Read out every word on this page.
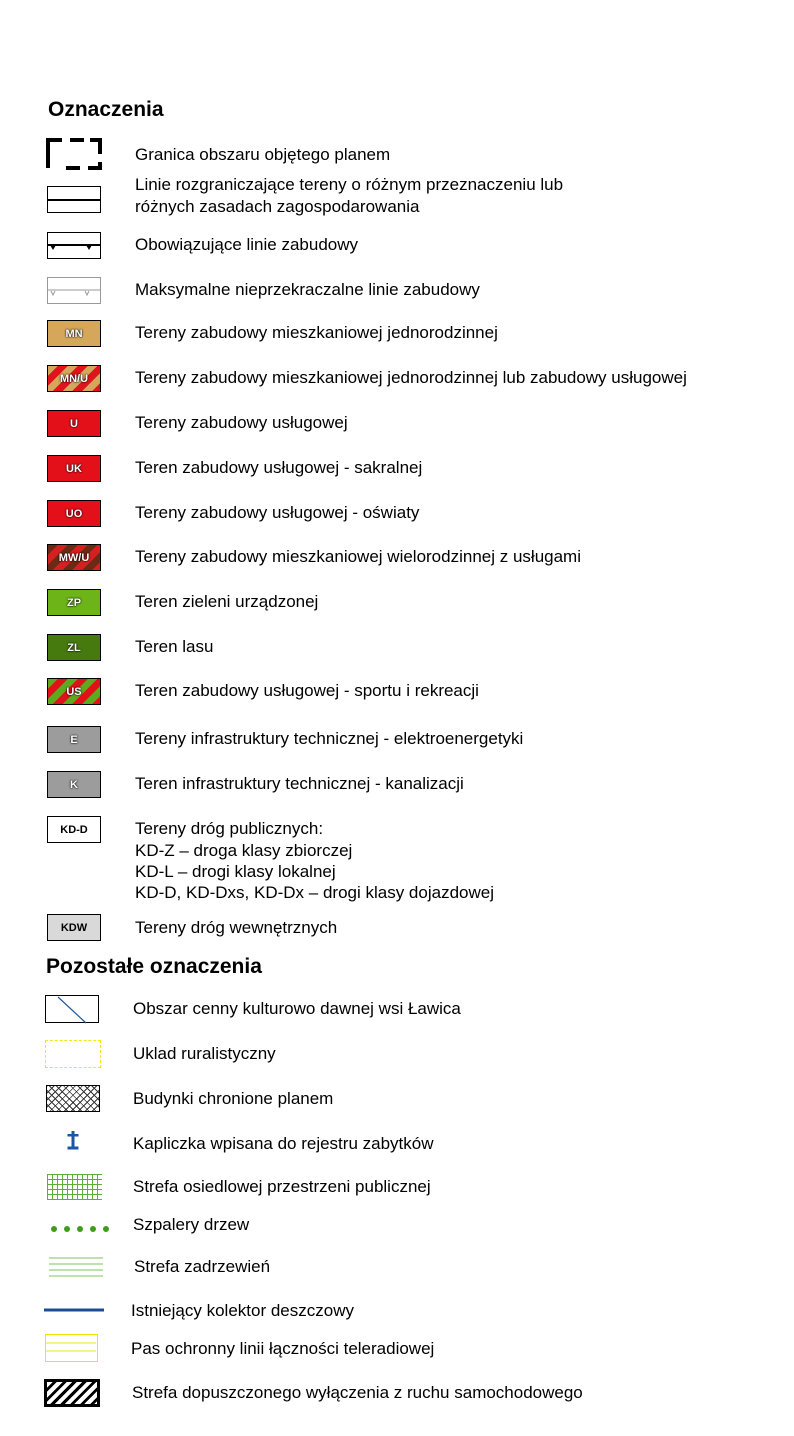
Oznaczenia
Granica obszaru objętego planem
Linie rozgraniczające tereny o różnym przeznaczeniu lub
różnych zasadach zagospodarowania
Obowiązujące linie zabudowy
Maksymalne nieprzekraczalne linie zabudowy
MN	Tereny zabudowy mieszkaniowej jednorodzinnej
MN/U	Tereny zabudowy mieszkaniowej jednorodzinnej lub zabudowy usługowej
U	Tereny zabudowy usługowej
UK	Teren zabudowy usługowej - sakralnej
UO	Tereny zabudowy usługowej - oświaty
MW/U	Tereny zabudowy mieszkaniowej wielorodzinnej z usługami
ZP	Teren zieleni urządzonej
ZL	Teren lasu
US	Teren zabudowy usługowej - sportu i rekreacji
E	Tereny infrastruktury technicznej - elektroenergetyki
K	Teren infrastruktury technicznej - kanalizacji
KD-D	Tereny dróg publicznych:
KD-Z – droga klasy zbiorczej
KD-L – drogi klasy lokalnej
KD-D, KD-Dxs, KD-Dx – drogi klasy dojazdowej
KDW	Tereny dróg wewnętrznych
Pozostałe oznaczenia
Obszar cenny kulturowo dawnej wsi Ławica
Uklad ruralistyczny
Budynki chronione planem
Kapliczka wpisana do rejestru zabytków
Strefa osiedlowej przestrzeni publicznej
Szpalery drzew
Strefa zadrzewień
Istniejący kolektor deszczowy
Pas ochronny linii łączności teleradiowej
Strefa dopuszczonego wyłączenia z ruchu samochodowego
